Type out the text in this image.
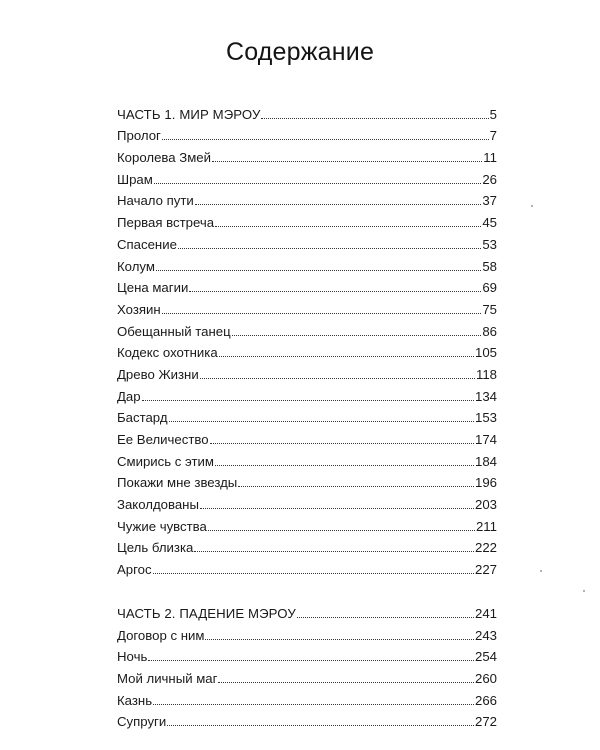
Содержание
ЧАСТЬ 1. МИР МЭРОУ	5
Пролог	7
Королева Змей	11
Шрам	26
Начало пути	37
Первая встреча	45
Спасение	53
Колум	58
Цена магии	69
Хозяин	75
Обещанный танец	86
Кодекс охотника	105
Древо Жизни	118
Дар	134
Бастард	153
Ее Величество	174
Смирись с этим	184
Покажи мне звезды	196
Заколдованы	203
Чужие чувства	211
Цель близка	222
Аргос	227
ЧАСТЬ 2. ПАДЕНИЕ МЭРОУ	241
Договор с ним	243
Ночь	254
Мой личный маг	260
Казнь	266
Супруги	272
